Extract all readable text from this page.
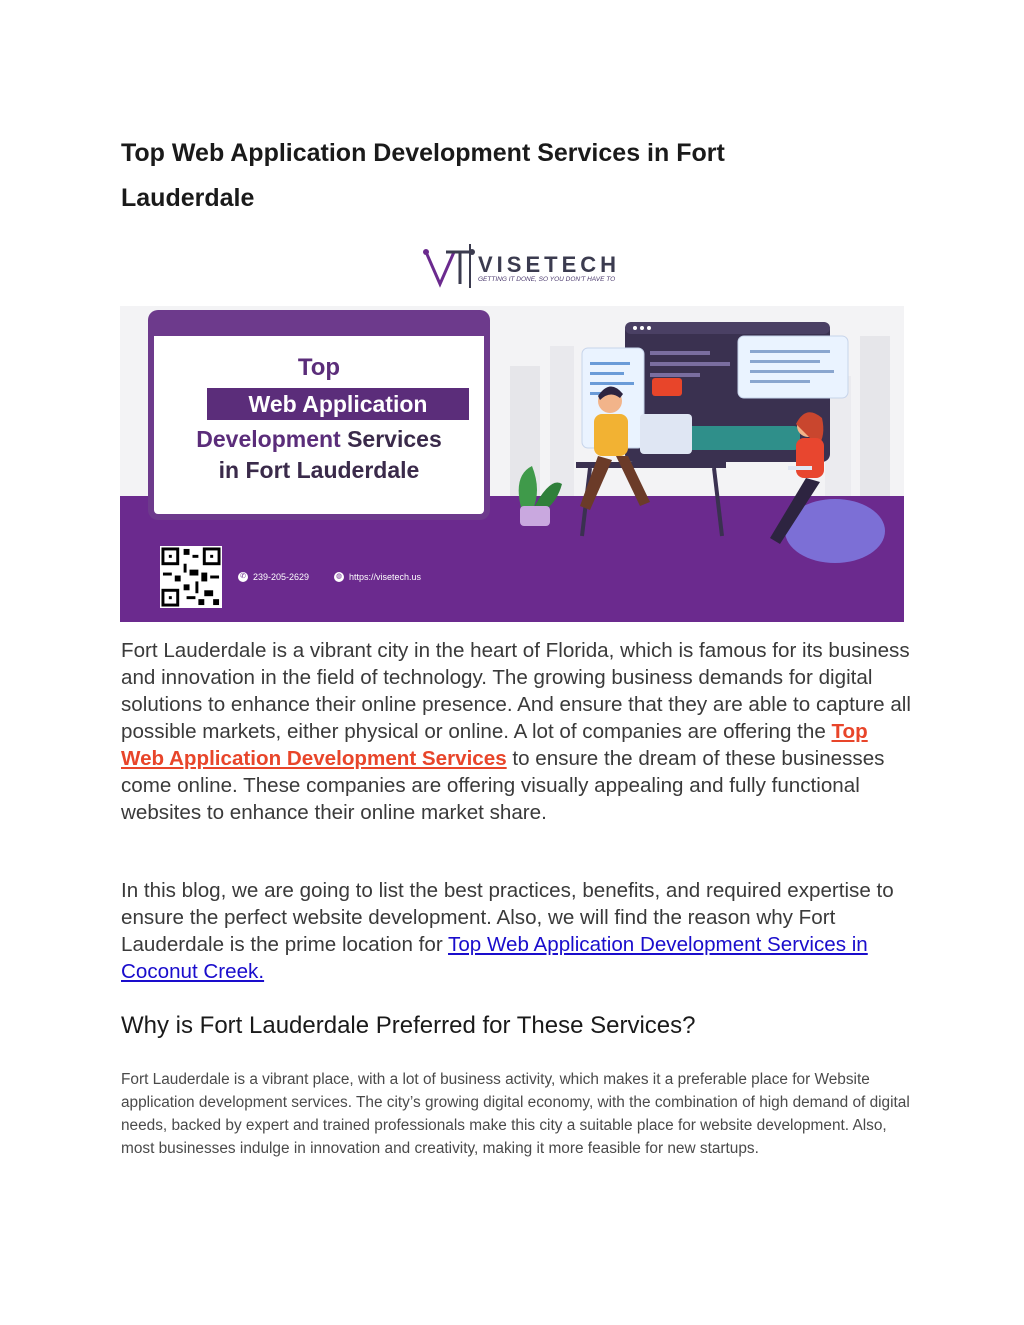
Top Web Application Development Services in Fort Lauderdale
VISETECH
GETTING IT DONE, SO YOU DON'T HAVE TO
Top
Web Application
Development Services
in Fort Lauderdale
✆ 239-205-2629	◍ https://visetech.us

Fort Lauderdale is a vibrant city in the heart of Florida, which is famous for its business and innovation in the field of technology. The growing business demands for digital solutions to enhance their online presence. And ensure that they are able to capture all possible markets, either physical or online. A lot of companies are offering the Top Web Application Development Services to ensure the dream of these businesses come online. These companies are offering visually appealing and fully functional websites to enhance their online market share.

In this blog, we are going to list the best practices, benefits, and required expertise to ensure the perfect website development. Also, we will find the reason why Fort Lauderdale is the prime location for Top Web Application Development Services in Coconut Creek.

Why is Fort Lauderdale Preferred for These Services?

Fort Lauderdale is a vibrant place, with a lot of business activity, which makes it a preferable place for Website application development services. The city’s growing digital economy, with the combination of high demand of digital needs, backed by expert and trained professionals make this city a suitable place for website development. Also, most businesses indulge in innovation and creativity, making it more feasible for new startups.
